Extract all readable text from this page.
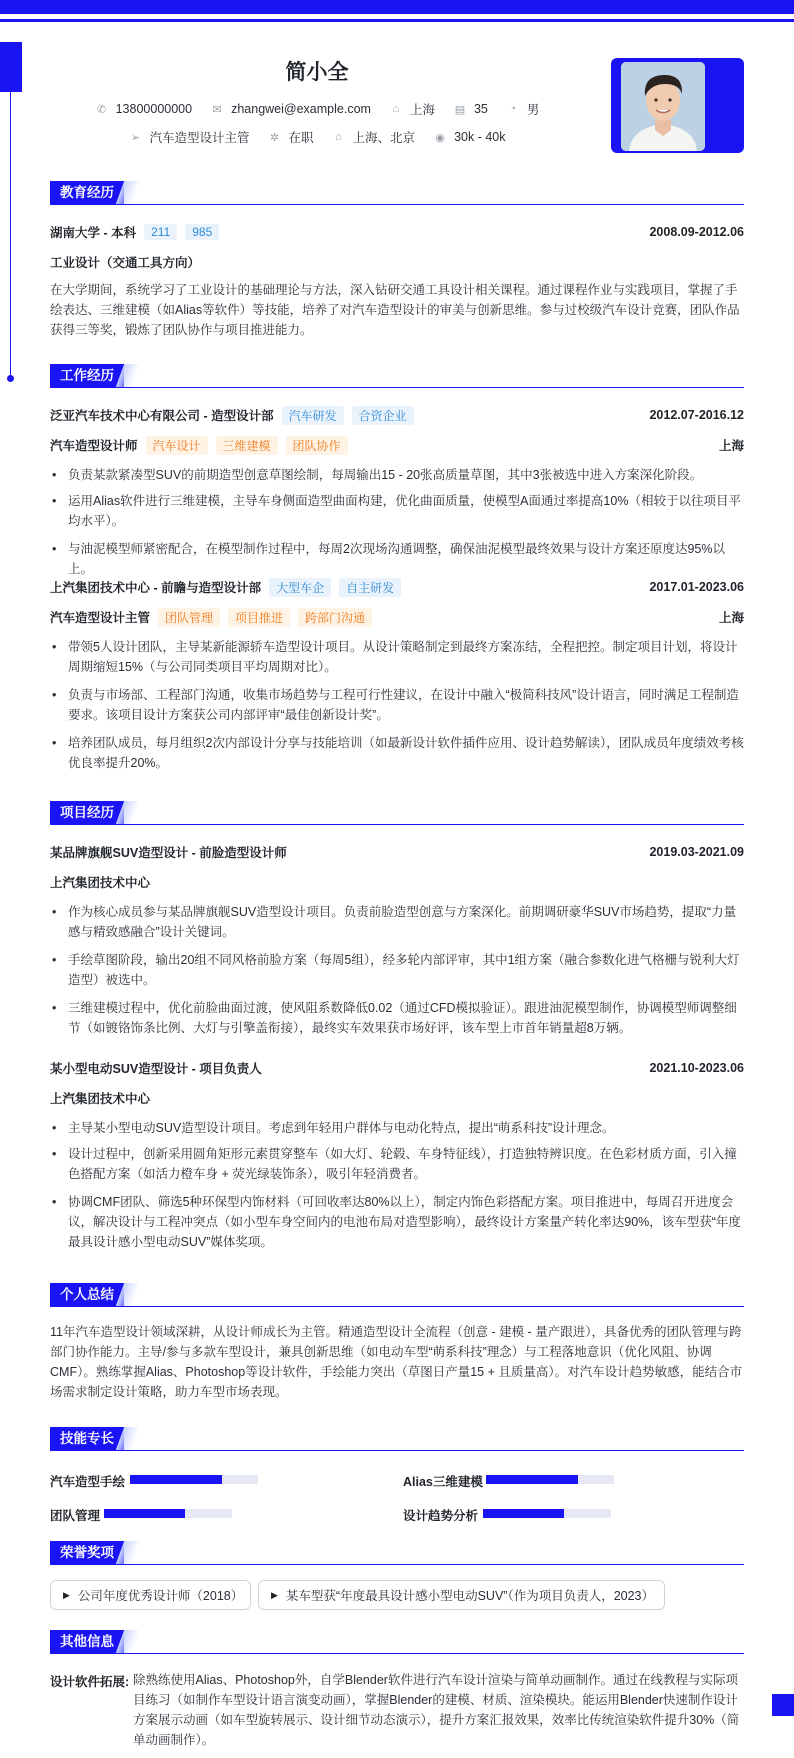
简小全
✆ 13800000000 ✉ zhangwei@example.com	⌂ 上海 ▤ 35	◔ 男
➢ 汽车造型设计主管 ✲ 在职	⌂ 上海、北京 ◉ 30k - 40k
教育经历
湖南大学 - 本科	211	985	2008.09-2012.06
工业设计（交通工具方向）
在大学期间，系统学习了工业设计的基础理论与方法，深入钻研交通工具设计相关课程。通过课程作业与实践项目，掌握了手绘表达、三维建模（如Alias等软件）等技能，培养了对汽车造型设计的审美与创新思维。参与过校级汽车设计竞赛，团队作品获得三等奖，锻炼了团队协作与项目推进能力。
工作经历
泛亚汽车技术中心有限公司 - 造型设计部	汽车研发	合资企业	2012.07-2016.12
汽车造型设计师	汽车设计	三维建模	团队协作	上海
• 负责某款紧凑型SUV的前期造型创意草图绘制，每周输出15 - 20张高质量草图，其中3张被选中进入方案深化阶段。
• 运用Alias软件进行三维建模，主导车身侧面造型曲面构建，优化曲面质量，使模型A面通过率提高10%（相较于以往项目平均水平）。
• 与油泥模型师紧密配合，在模型制作过程中，每周2次现场沟通调整，确保油泥模型最终效果与设计方案还原度达95%以上。
上汽集团技术中心 - 前瞻与造型设计部	大型车企	自主研发	2017.01-2023.06
汽车造型设计主管	团队管理	项目推进	跨部门沟通	上海
• 带领5人设计团队，主导某新能源轿车造型设计项目。从设计策略制定到最终方案冻结，全程把控。制定项目计划，将设计周期缩短15%（与公司同类项目平均周期对比）。
• 负责与市场部、工程部门沟通，收集市场趋势与工程可行性建议，在设计中融入“极简科技风”设计语言，同时满足工程制造要求。该项目设计方案获公司内部评审“最佳创新设计奖”。
• 培养团队成员，每月组织2次内部设计分享与技能培训（如最新设计软件插件应用、设计趋势解读），团队成员年度绩效考核优良率提升20%。
项目经历
某品牌旗舰SUV造型设计 - 前脸造型设计师	2019.03-2021.09
上汽集团技术中心
• 作为核心成员参与某品牌旗舰SUV造型设计项目。负责前脸造型创意与方案深化。前期调研豪华SUV市场趋势，提取“力量感与精致感融合”设计关键词。
• 手绘草图阶段，输出20组不同风格前脸方案（每周5组），经多轮内部评审，其中1组方案（融合参数化进气格栅与锐利大灯造型）被选中。
• 三维建模过程中，优化前脸曲面过渡，使风阻系数降低0.02（通过CFD模拟验证）。跟进油泥模型制作，协调模型师调整细节（如镀铬饰条比例、大灯与引擎盖衔接），最终实车效果获市场好评，该车型上市首年销量超8万辆。
某小型电动SUV造型设计 - 项目负责人	2021.10-2023.06
上汽集团技术中心
• 主导某小型电动SUV造型设计项目。考虑到年轻用户群体与电动化特点，提出“萌系科技”设计理念。
• 设计过程中，创新采用圆角矩形元素贯穿整车（如大灯、轮毂、车身特征线），打造独特辨识度。在色彩材质方面，引入撞色搭配方案（如活力橙车身 + 荧光绿装饰条），吸引年轻消费者。
• 协调CMF团队、筛选5种环保型内饰材料（可回收率达80%以上），制定内饰色彩搭配方案。项目推进中，每周召开进度会议，解决设计与工程冲突点（如小型车身空间内的电池布局对造型影响），最终设计方案量产转化率达90%，该车型获“年度最具设计感小型电动SUV”媒体奖项。
个人总结
11年汽车造型设计领域深耕，从设计师成长为主管。精通造型设计全流程（创意 - 建模 - 量产跟进），具备优秀的团队管理与跨部门协作能力。主导/参与多款车型设计，兼具创新思维（如电动车型“萌系科技”理念）与工程落地意识（优化风阻、协调CMF）。熟练掌握Alias、Photoshop等设计软件，手绘能力突出（草图日产量15 + 且质量高）。对汽车设计趋势敏感，能结合市场需求制定设计策略，助力车型市场表现。
技能专长
汽车造型手绘	Alias三维建模
团队管理	设计趋势分析
荣誉奖项
▶ 公司年度优秀设计师（2018）	▶ 某车型获“年度最具设计感小型电动SUV”（作为项目负责人，2023）
其他信息
设计软件拓展: 除熟练使用Alias、Photoshop外，自学Blender软件进行汽车设计渲染与简单动画制作。通过在线教程与实际项目练习（如制作车型设计语言演变动画），掌握Blender的建模、材质、渲染模块。能运用Blender快速制作设计方案展示动画（如车型旋转展示、设计细节动态演示），提升方案汇报效果，效率比传统渲染软件提升30%（简单动画制作）。
